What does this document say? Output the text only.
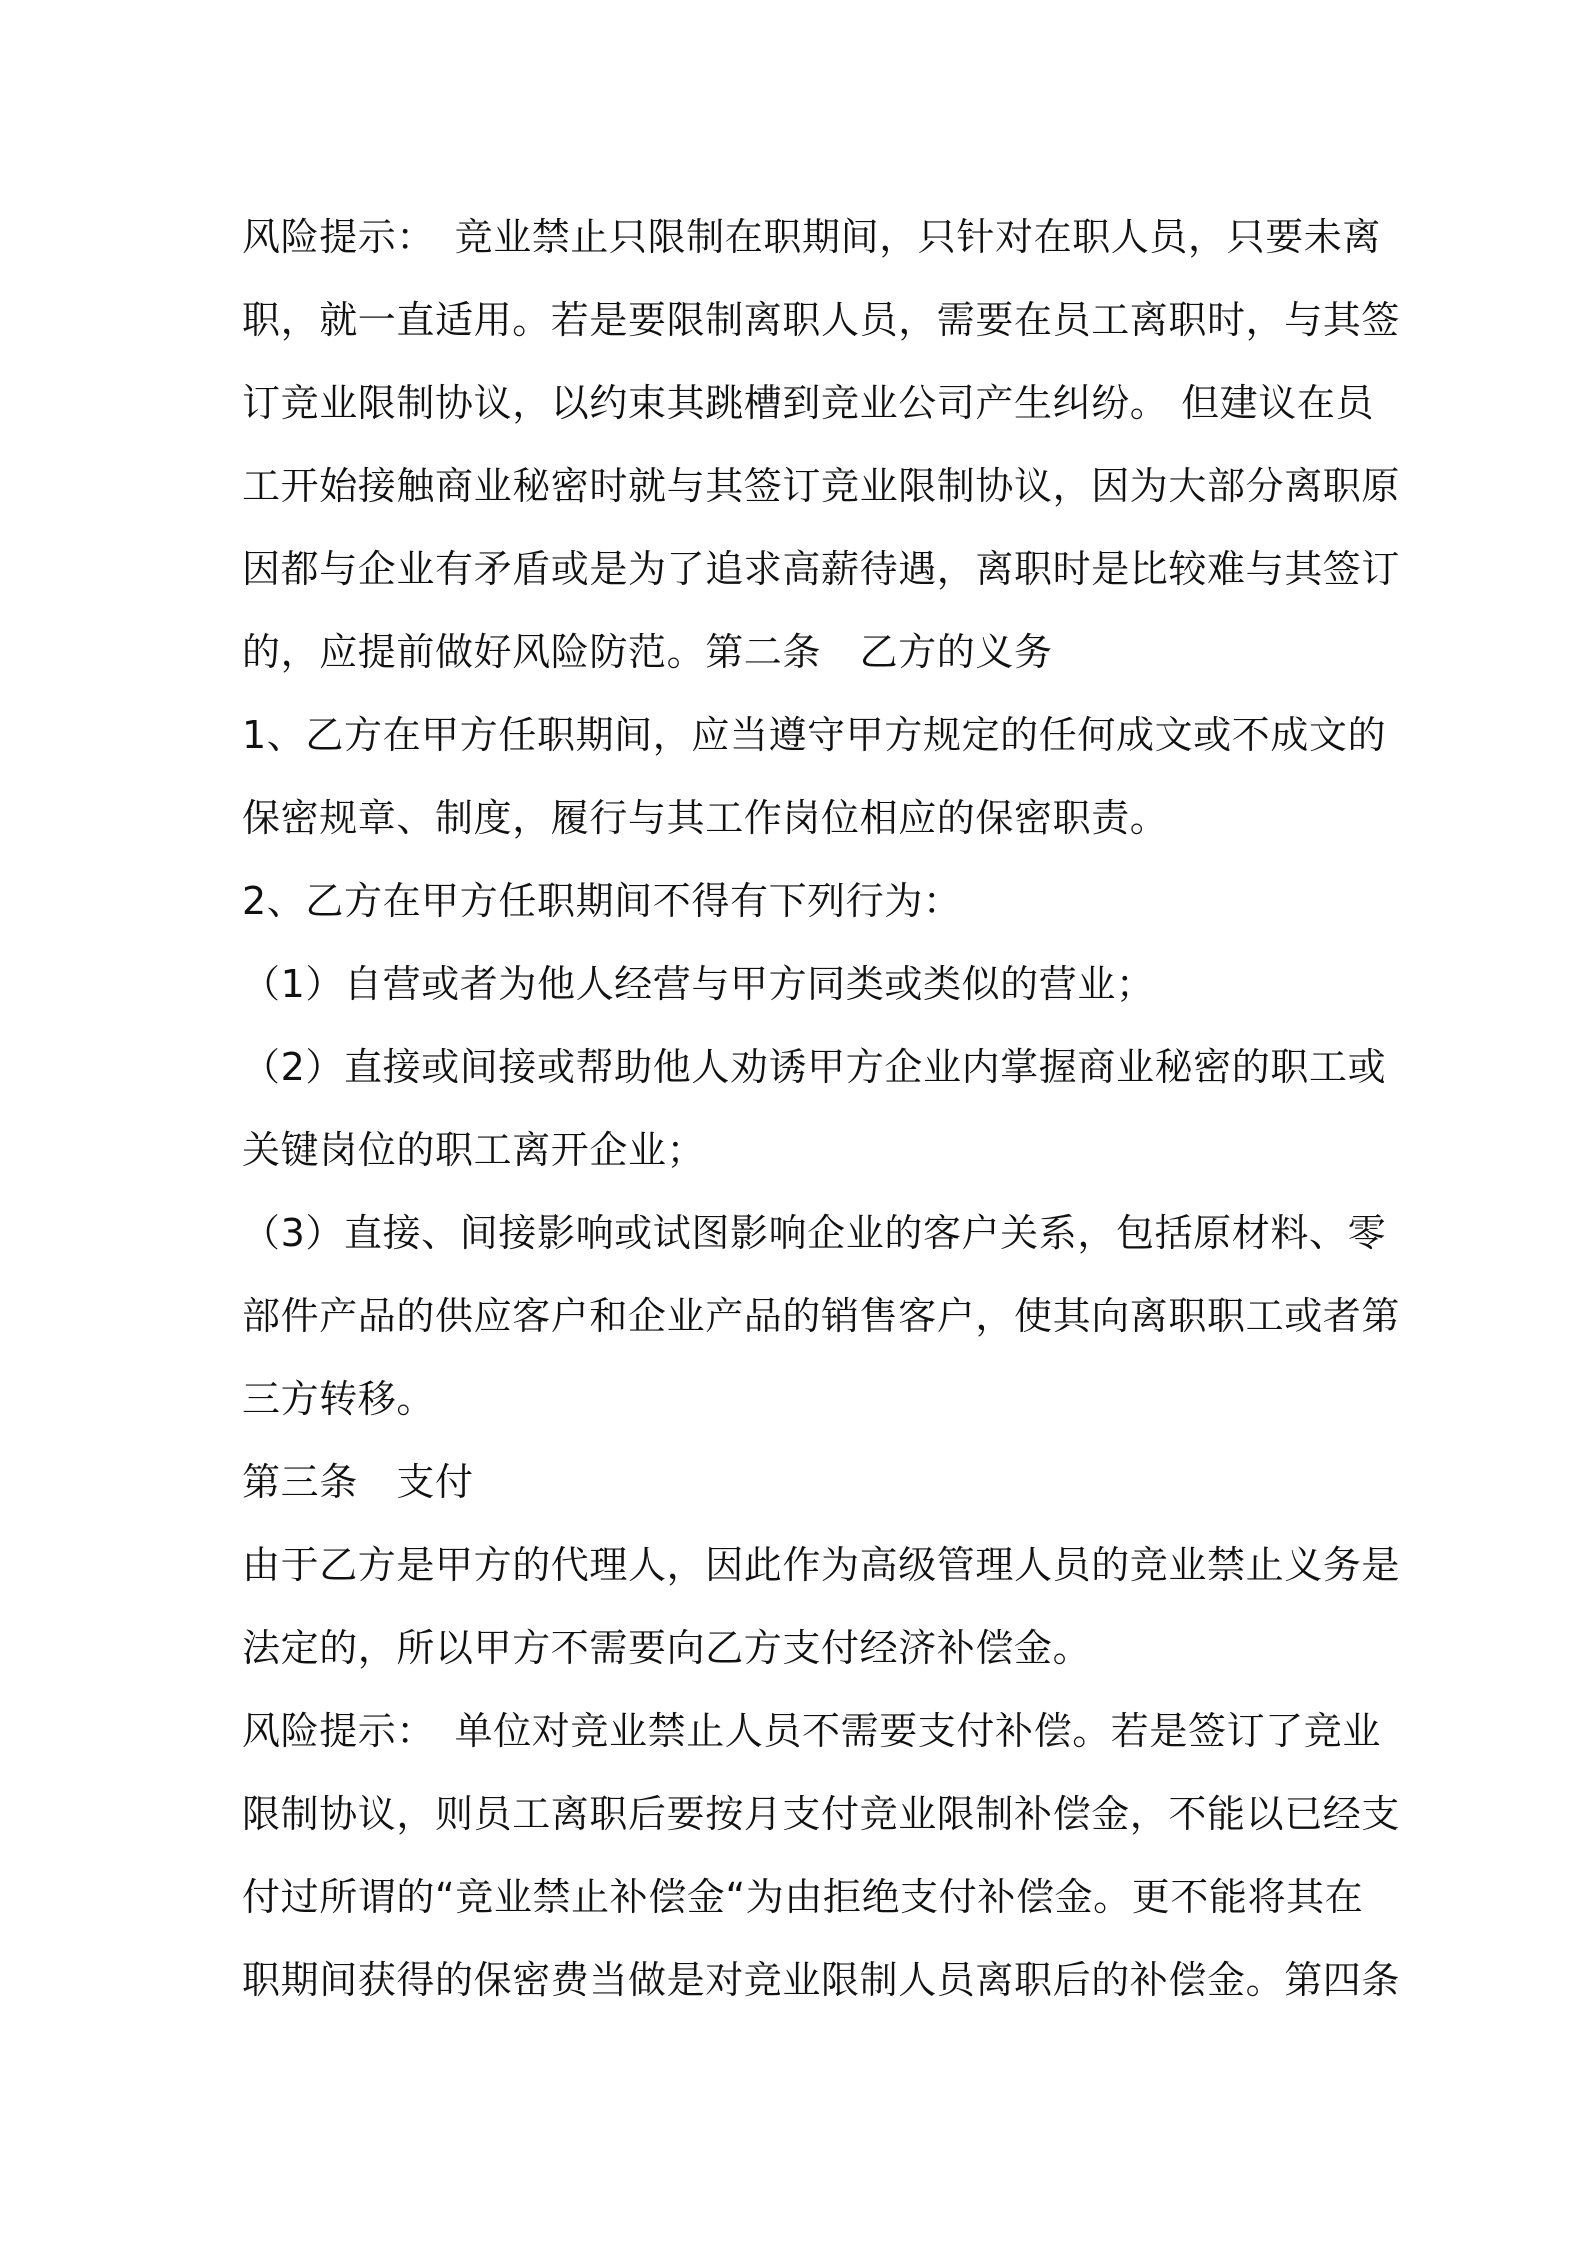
风险提示：　竞业禁止只限制在职期间，只针对在职人员，只要未离
职，就一直适用。若是要限制离职人员，需要在员工离职时，与其签
订竞业限制协议，以约束其跳槽到竞业公司产生纠纷。 但建议在员
工开始接触商业秘密时就与其签订竞业限制协议，因为大部分离职原
因都与企业有矛盾或是为了追求高薪待遇，离职时是比较难与其签订
的，应提前做好风险防范。第二条　乙方的义务
1、乙方在甲方任职期间，应当遵守甲方规定的任何成文或不成文的
保密规章、制度，履行与其工作岗位相应的保密职责。
2、乙方在甲方任职期间不得有下列行为：
（1）自营或者为他人经营与甲方同类或类似的营业；
（2）直接或间接或帮助他人劝诱甲方企业内掌握商业秘密的职工或
关键岗位的职工离开企业；
（3）直接、间接影响或试图影响企业的客户关系，包括原材料、零
部件产品的供应客户和企业产品的销售客户，使其向离职职工或者第
三方转移。
第三条　支付
由于乙方是甲方的代理人，因此作为高级管理人员的竞业禁止义务是
法定的，所以甲方不需要向乙方支付经济补偿金。
风险提示：　单位对竞业禁止人员不需要支付补偿。若是签订了竞业
限制协议，则员工离职后要按月支付竞业限制补偿金，不能以已经支
付过所谓的“竞业禁止补偿金“为由拒绝支付补偿金。更不能将其在
职期间获得的保密费当做是对竞业限制人员离职后的补偿金。第四条
